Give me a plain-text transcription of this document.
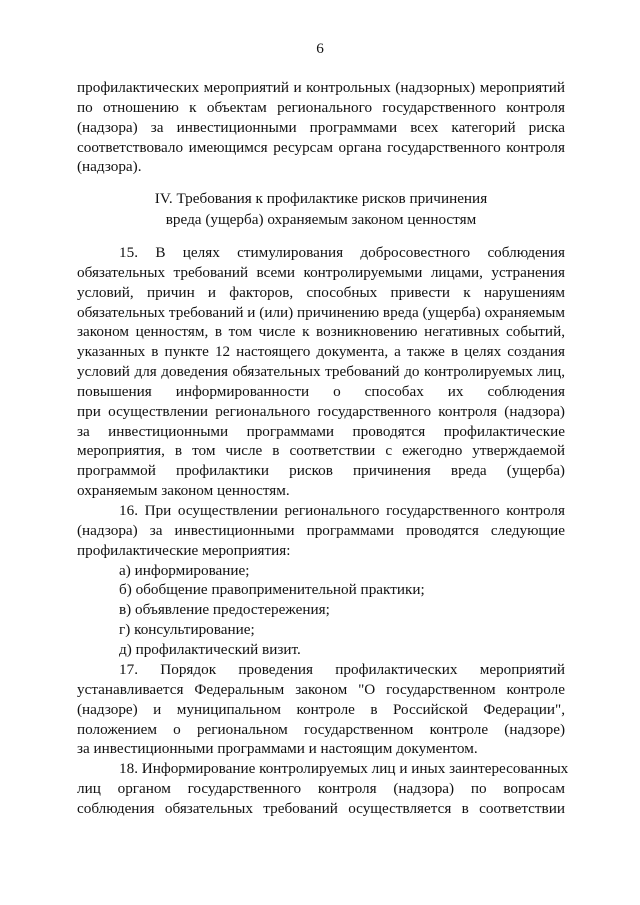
6
профилактических мероприятий и контрольных (надзорных) мероприятий
по отношению к объектам регионального государственного контроля
(надзора) за инвестиционными программами всех категорий риска
соответствовало имеющимся ресурсам органа государственного контроля
(надзора).
IV. Требования к профилактике рисков причинения
вреда (ущерба) охраняемым законом ценностям
15. В целях стимулирования добросовестного соблюдения
обязательных требований всеми контролируемыми лицами, устранения
условий, причин и факторов, способных привести к нарушениям
обязательных требований и (или) причинению вреда (ущерба) охраняемым
законом ценностям, в том числе к возникновению негативных событий,
указанных в пункте 12 настоящего документа, а также в целях создания
условий для доведения обязательных требований до контролируемых лиц,
повышения информированности о способах их соблюдения
при осуществлении регионального государственного контроля (надзора)
за инвестиционными программами проводятся профилактические
мероприятия, в том числе в соответствии с ежегодно утверждаемой
программой профилактики рисков причинения вреда (ущерба)
охраняемым законом ценностям.
16. При осуществлении регионального государственного контроля
(надзора) за инвестиционными программами проводятся следующие
профилактические мероприятия:
а) информирование;
б) обобщение правоприменительной практики;
в) объявление предостережения;
г) консультирование;
д) профилактический визит.
17. Порядок проведения профилактических мероприятий
устанавливается Федеральным законом "О государственном контроле
(надзоре) и муниципальном контроле в Российской Федерации",
положением о региональном государственном контроле (надзоре)
за инвестиционными программами и настоящим документом.
18. Информирование контролируемых лиц и иных заинтересованных
лиц органом государственного контроля (надзора) по вопросам
соблюдения обязательных требований осуществляется в соответствии
